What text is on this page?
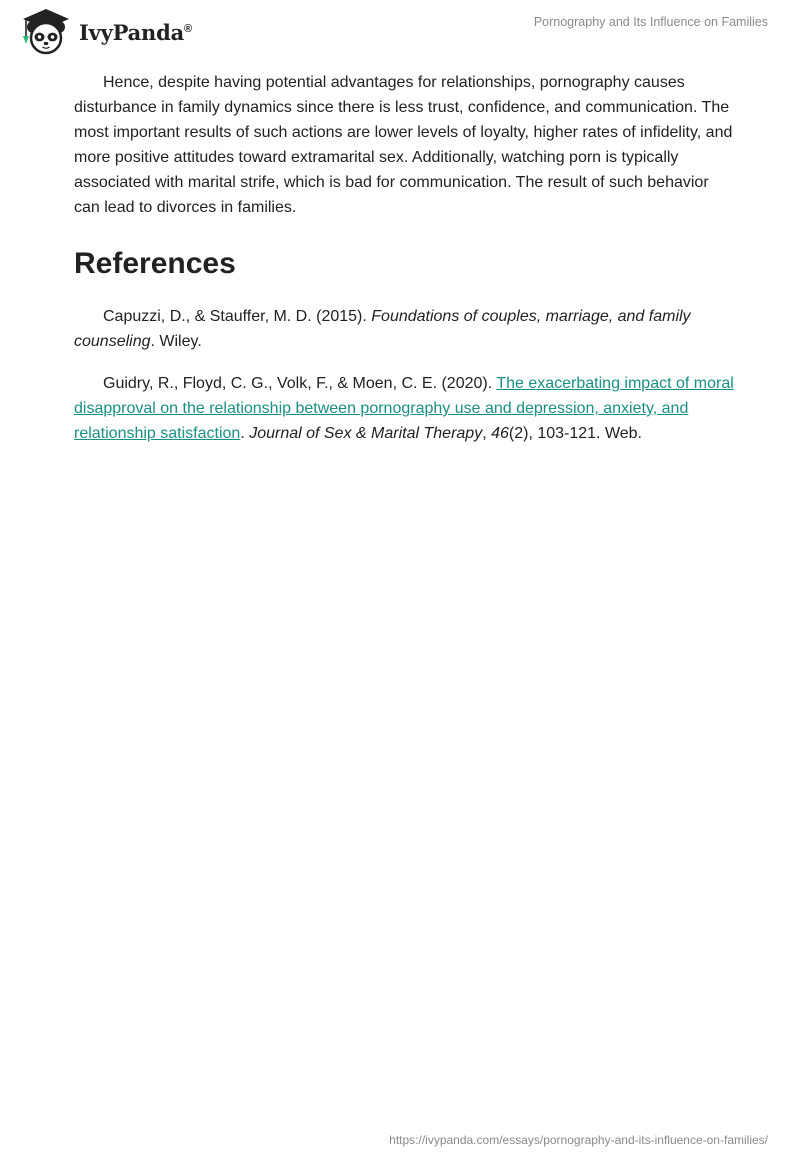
IvyPanda®	Pornography and Its Influence on Families

Hence, despite having potential advantages for relationships, pornography causes disturbance in family dynamics since there is less trust, confidence, and communication. The most important results of such actions are lower levels of loyalty, higher rates of infidelity, and more positive attitudes toward extramarital sex. Additionally, watching porn is typically associated with marital strife, which is bad for communication. The result of such behavior can lead to divorces in families.

References

Capuzzi, D., & Stauffer, M. D. (2015). Foundations of couples, marriage, and family counseling. Wiley.

Guidry, R., Floyd, C. G., Volk, F., & Moen, C. E. (2020). The exacerbating impact of moral disapproval on the relationship between pornography use and depression, anxiety, and relationship satisfaction. Journal of Sex & Marital Therapy, 46(2), 103-121. Web.

https://ivypanda.com/essays/pornography-and-its-influence-on-families/
